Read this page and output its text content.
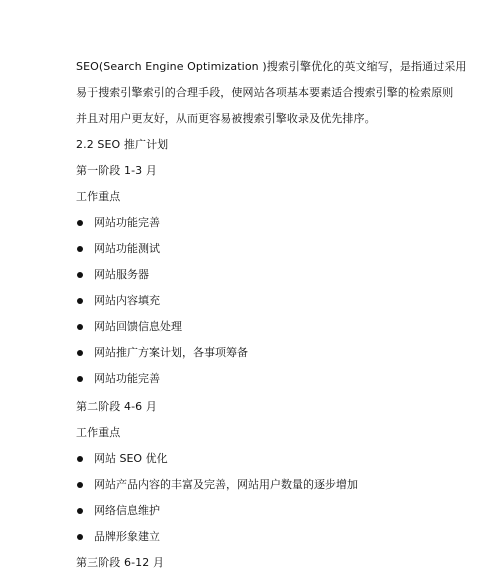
SEO(Search Engine Optimization )搜索引擎优化的英文缩写，是指通过采用
易于搜索引擎索引的合理手段，使网站各项基本要素适合搜索引擎的检索原则
并且对用户更友好，从而更容易被搜索引擎收录及优先排序。
2.2 SEO 推广计划
第一阶段 1-3 月
工作重点
网站功能完善
网站功能测试
网站服务器
网站内容填充
网站回馈信息处理
网站推广方案计划，各事项筹备
网站功能完善
第二阶段 4-6 月
工作重点
网站 SEO 优化
网站产品内容的丰富及完善，网站用户数量的逐步增加
网络信息维护
品牌形象建立
第三阶段 6-12 月
